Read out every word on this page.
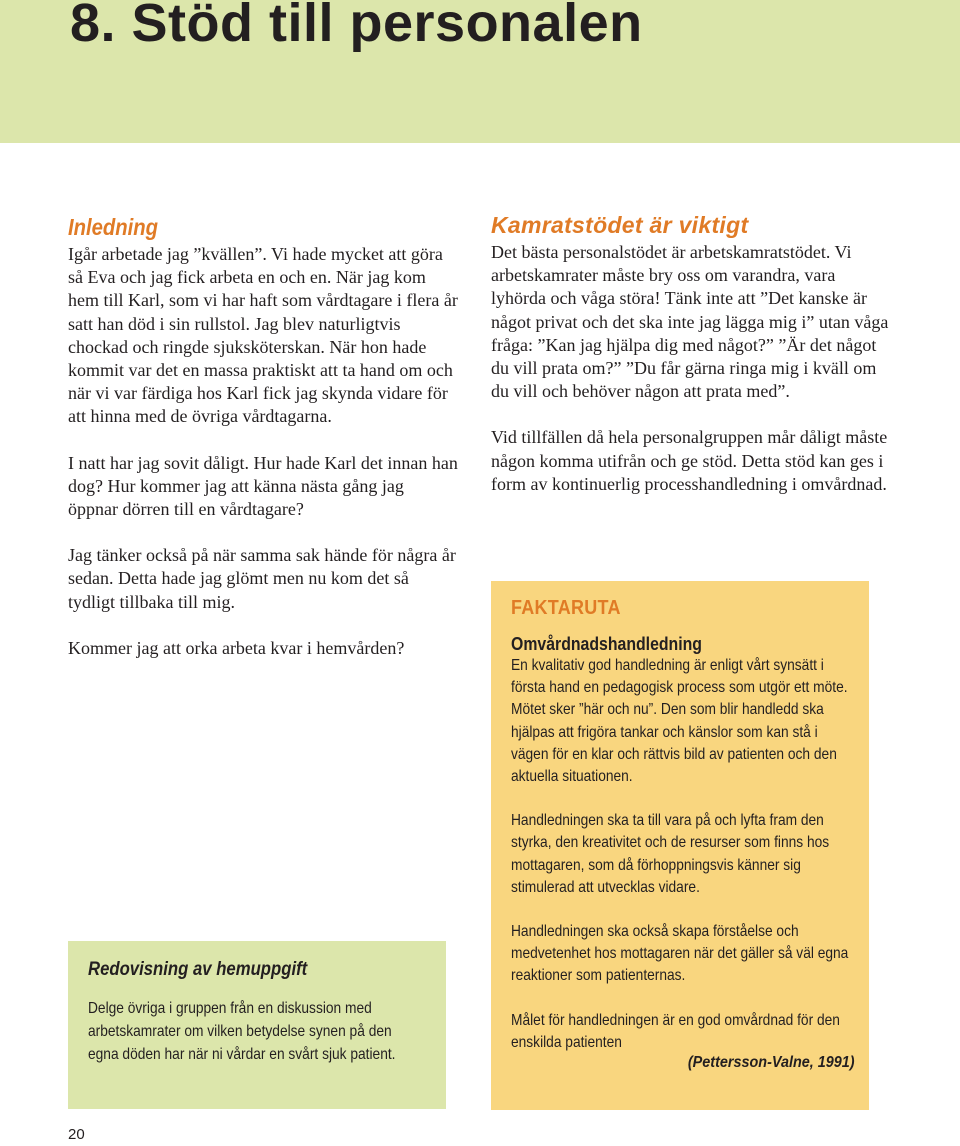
8. Stöd till personalen
Inledning

Igår arbetade jag ”kvällen”. Vi hade mycket att göra så Eva och jag fick arbeta en och en. När jag kom hem till Karl, som vi har haft som vårdtagare i flera år satt han död i sin rullstol. Jag blev naturligtvis chockad och ringde sjuksköterskan. När hon hade kommit var det en massa praktiskt att ta hand om och när vi var färdiga hos Karl fick jag skynda vidare för att hinna med de övriga vårdtagarna.

I natt har jag sovit dåligt. Hur hade Karl det innan han dog? Hur kommer jag att känna nästa gång jag öppnar dörren till en vårdtagare?

Jag tänker också på när samma sak hände för några år sedan. Detta hade jag glömt men nu kom det så tydligt tillbaka till mig.

Kommer jag att orka arbeta kvar i hemvården?

Kamratstödet är viktigt

Det bästa personalstödet är arbetskamratstödet. Vi arbetskamrater måste bry oss om varandra, vara lyhörda och våga störa! Tänk inte att ”Det kanske är något privat och det ska inte jag lägga mig i” utan våga fråga: ”Kan jag hjälpa dig med något?” ”Är det något du vill prata om?” ”Du får gärna ringa mig i kväll om du vill och behöver någon att prata med”.

Vid tillfällen då hela personalgruppen mår dåligt måste någon komma utifrån och ge stöd. Detta stöd kan ges i form av kontinuerlig processhandledning i omvårdnad.

FAKTARUTA
Omvårdnadshandledning

En kvalitativ god handledning är enligt vårt synsätt i första hand en pedagogisk process som utgör ett möte. Mötet sker ”här och nu”. Den som blir handledd ska hjälpas att frigöra tankar och känslor som kan stå i vägen för en klar och rättvis bild av patienten och den aktuella situationen.

Handledningen ska ta till vara på och lyfta fram den styrka, den kreativitet och de resurser som finns hos mottagaren, som då förhoppningsvis känner sig stimulerad att utvecklas vidare.

Handledningen ska också skapa förståelse och medvetenhet hos mottagaren när det gäller så väl egna reaktioner som patienternas.

Målet för handledningen är en god omvårdnad för den enskilda patienten

(Pettersson-Valne, 1991)

Redovisning av hemuppgift

Delge övriga i gruppen från en diskussion med arbetskamrater om vilken betydelse synen på den egna döden har när ni vårdar en svårt sjuk patient.

20
